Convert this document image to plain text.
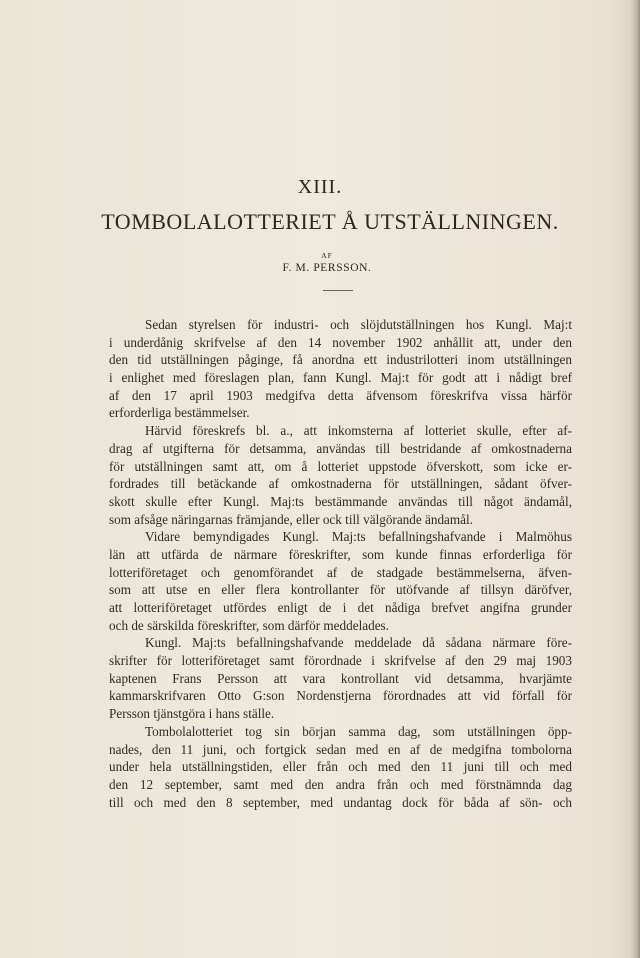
XIII.
TOMBOLALOTTERIET Å UTSTÄLLNINGEN.
AF
F. M. PERSSON.
Sedan styrelsen för industri- och slöjdutställningen hos Kungl. Maj:t
i underdånig skrifvelse af den 14 november 1902 anhållit att, under den
den tid utställningen påginge, få anordna ett industrilotteri inom utställningen
i enlighet med föreslagen plan, fann Kungl. Maj:t för godt att i nådigt bref
af den 17 april 1903 medgifva detta äfvensom föreskrifva vissa härför
erforderliga bestämmelser.
Härvid föreskrefs bl. a., att inkomsterna af lotteriet skulle, efter af-
drag af utgifterna för detsamma, användas till bestridande af omkostnaderna
för utställningen samt att, om å lotteriet uppstode öfverskott, som icke er-
fordrades till betäckande af omkostnaderna för utställningen, sådant öfver-
skott skulle efter Kungl. Maj:ts bestämmande användas till något ändamål,
som afsåge näringarnas främjande, eller ock till välgörande ändamål.
Vidare bemyndigades Kungl. Maj:ts befallningshafvande i Malmöhus
län att utfärda de närmare föreskrifter, som kunde finnas erforderliga för
lotteriföretaget och genomförandet af de stadgade bestämmelserna, äfven-
som att utse en eller flera kontrollanter för utöfvande af tillsyn däröfver,
att lotteriföretaget utfördes enligt de i det nådiga brefvet angifna grunder
och de särskilda föreskrifter, som därför meddelades.
Kungl. Maj:ts befallningshafvande meddelade då sådana närmare före-
skrifter för lotteriföretaget samt förordnade i skrifvelse af den 29 maj 1903
kaptenen Frans Persson att vara kontrollant vid detsamma, hvarjämte
kammarskrifvaren Otto G:son Nordenstjerna förordnades att vid förfall för
Persson tjänstgöra i hans ställe.
Tombolalotteriet tog sin början samma dag, som utställningen öpp-
nades, den 11 juni, och fortgick sedan med en af de medgifna tombolorna
under hela utställningstiden, eller från och med den 11 juni till och med
den 12 september, samt med den andra från och med förstnämnda dag
till och med den 8 september, med undantag dock för båda af sön- och
